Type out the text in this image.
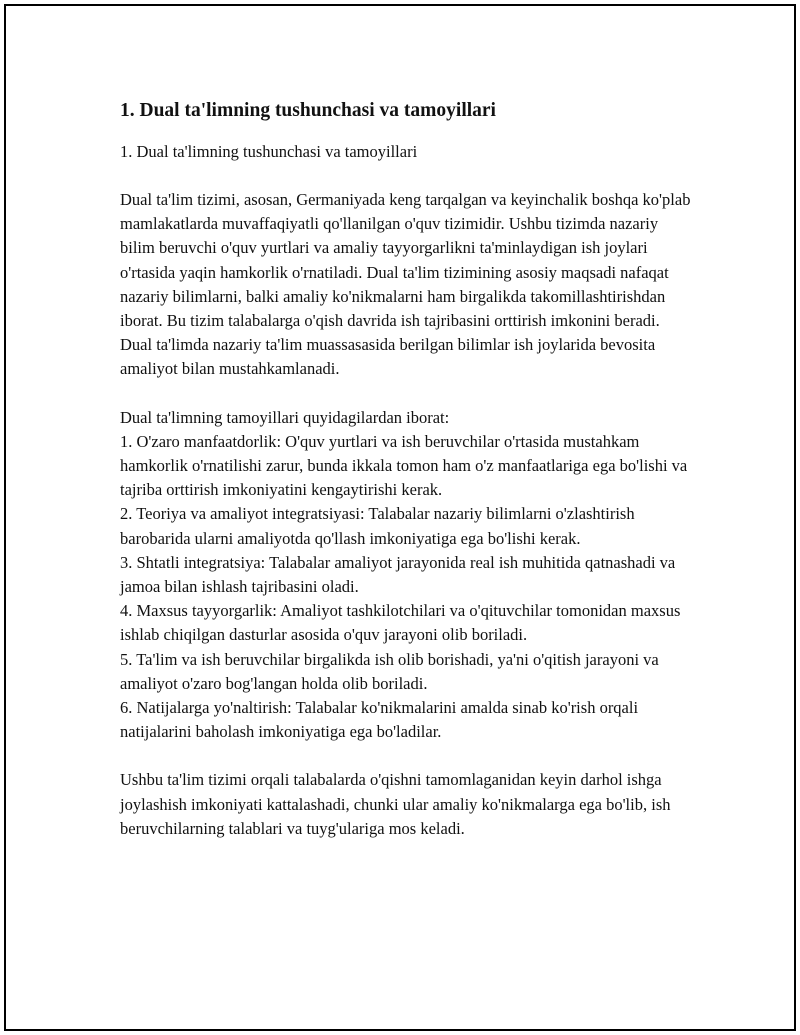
1. Dual ta'limning tushunchasi va tamoyillari

1. Dual ta'limning tushunchasi va tamoyillari

Dual ta'lim tizimi, asosan, Germaniyada keng tarqalgan va keyinchalik boshqa ko'plab mamlakatlarda muvaffaqiyatli qo'llanilgan o'quv tizimidir. Ushbu tizimda nazariy bilim beruvchi o'quv yurtlari va amaliy tayyorgarlikni ta'minlaydigan ish joylari o'rtasida yaqin hamkorlik o'rnatiladi. Dual ta'lim tizimining asosiy maqsadi nafaqat nazariy bilimlarni, balki amaliy ko'nikmalarni ham birgalikda takomillashtirishdan iborat. Bu tizim talabalarga o'qish davrida ish tajribasini orttirish imkonini beradi. Dual ta'limda nazariy ta'lim muassasasida berilgan bilimlar ish joylarida bevosita amaliyot bilan mustahkamlanadi.

Dual ta'limning tamoyillari quyidagilardan iborat:
1. O'zaro manfaatdorlik: O'quv yurtlari va ish beruvchilar o'rtasida mustahkam hamkorlik o'rnatilishi zarur, bunda ikkala tomon ham o'z manfaatlariga ega bo'lishi va tajriba orttirish imkoniyatini kengaytirishi kerak.
2. Teoriya va amaliyot integratsiyasi: Talabalar nazariy bilimlarni o'zlashtirish barobarida ularni amaliyotda qo'llash imkoniyatiga ega bo'lishi kerak.
3. Shtatli integratsiya: Talabalar amaliyot jarayonida real ish muhitida qatnashadi va jamoa bilan ishlash tajribasini oladi.
4. Maxsus tayyorgarlik: Amaliyot tashkilotchilari va o'qituvchilar tomonidan maxsus ishlab chiqilgan dasturlar asosida o'quv jarayoni olib boriladi.
5. Ta'lim va ish beruvchilar birgalikda ish olib borishadi, ya'ni o'qitish jarayoni va amaliyot o'zaro bog'langan holda olib boriladi.
6. Natijalarga yo'naltirish: Talabalar ko'nikmalarini amalda sinab ko'rish orqali natijalarini baholash imkoniyatiga ega bo'ladilar.

Ushbu ta'lim tizimi orqali talabalarda o'qishni tamomlaganidan keyin darhol ishga joylashish imkoniyati kattalashadi, chunki ular amaliy ko'nikmalarga ega bo'lib, ish beruvchilarning talablari va tuyg'ulariga mos keladi.
